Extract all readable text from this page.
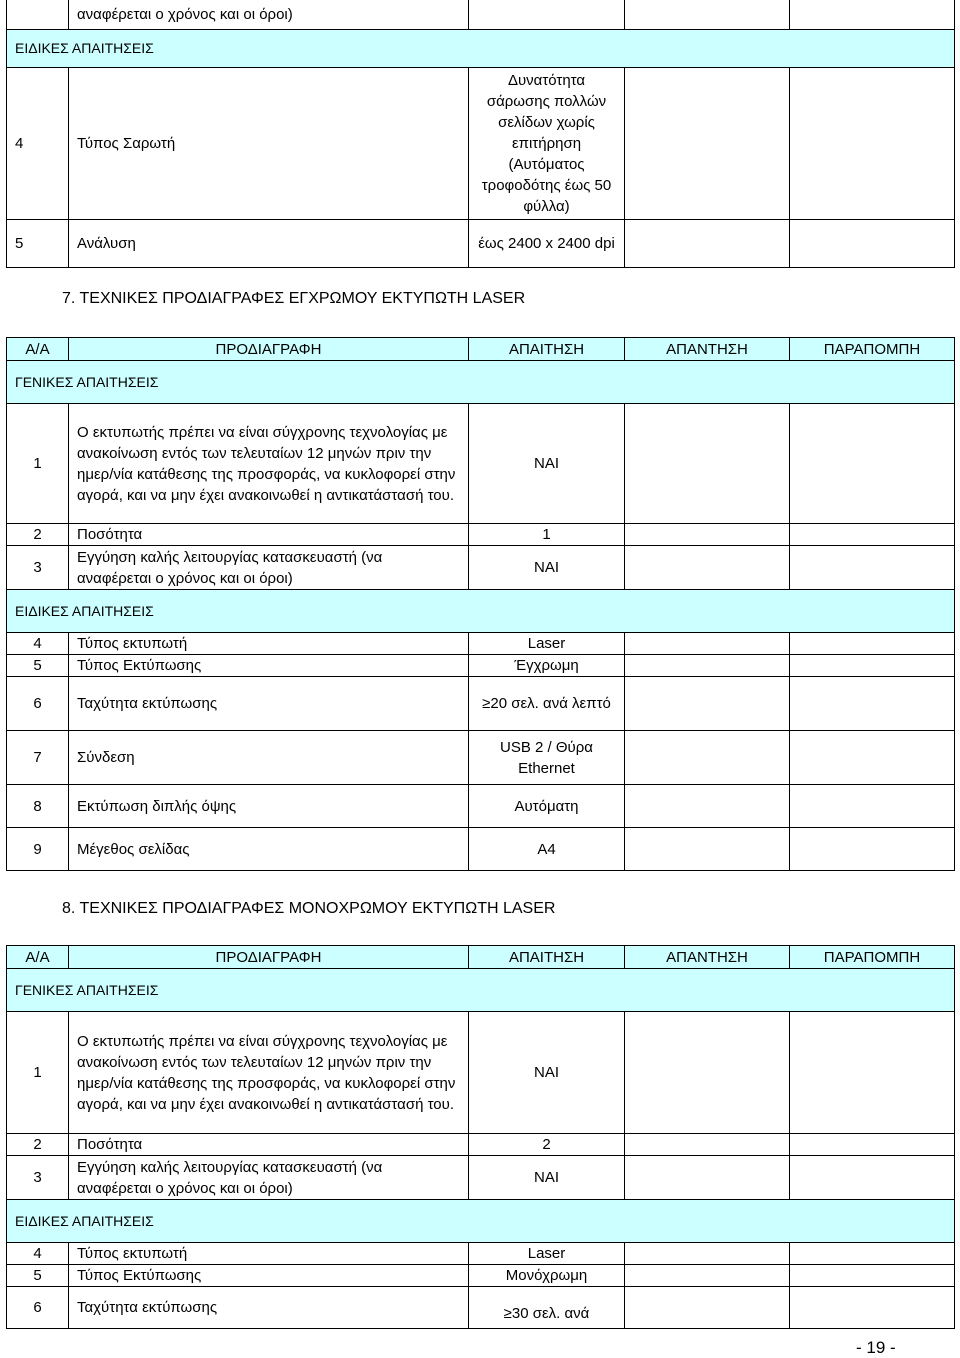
	αναφέρεται ο χρόνος και οι όροι)			
ΕΙΔΙΚΕΣ ΑΠΑΙΤΗΣΕΙΣ				
4	Τύπος Σαρωτή	Δυνατότητα σάρωσης πολλών σελίδων χωρίς επιτήρηση (Αυτόματος τροφοδότης έως 50 φύλλα)		
5	Ανάλυση	έως 2400 x 2400 dpi		
7. ΤΕΧΝΙΚΕΣ ΠΡΟΔΙΑΓΡΑΦΕΣ ΕΓΧΡΩΜΟΥ ΕΚΤΥΠΩΤΗ LASER
Α/Α	ΠΡΟΔΙΑΓΡΑΦΗ	ΑΠΑΙΤΗΣΗ	ΑΠΑΝΤΗΣΗ	ΠΑΡΑΠΟΜΠΗ
ΓΕΝΙΚΕΣ ΑΠΑΙΤΗΣΕΙΣ				
1	Ο εκτυπωτής πρέπει να είναι σύγχρονης τεχνολογίας με ανακοίνωση εντός των τελευταίων 12 μηνών πριν την ημερ/νία κατάθεσης της προσφοράς, να κυκλοφορεί στην αγορά, και να μην έχει ανακοινωθεί η αντικατάστασή του.	ΝΑΙ		
2	Ποσότητα	1		
3	Εγγύηση καλής λειτουργίας κατασκευαστή (να αναφέρεται ο χρόνος και οι όροι)	ΝΑΙ		
ΕΙΔΙΚΕΣ ΑΠΑΙΤΗΣΕΙΣ				
4	Τύπος εκτυπωτή	Laser		
5	Τύπος Εκτύπωσης	Έγχρωμη		
6	Ταχύτητα εκτύπωσης	≥20 σελ. ανά λεπτό		
7	Σύνδεση	USB 2 / Θύρα Ethernet		
8	Εκτύπωση διπλής όψης	Αυτόματη		
9	Μέγεθος σελίδας	Α4		
8. ΤΕΧΝΙΚΕΣ ΠΡΟΔΙΑΓΡΑΦΕΣ ΜΟΝΟΧΡΩΜΟΥ ΕΚΤΥΠΩΤΗ LASER
Α/Α	ΠΡΟΔΙΑΓΡΑΦΗ	ΑΠΑΙΤΗΣΗ	ΑΠΑΝΤΗΣΗ	ΠΑΡΑΠΟΜΠΗ
ΓΕΝΙΚΕΣ ΑΠΑΙΤΗΣΕΙΣ				
1	Ο εκτυπωτής πρέπει να είναι σύγχρονης τεχνολογίας με ανακοίνωση εντός των τελευταίων 12 μηνών πριν την ημερ/νία κατάθεσης της προσφοράς, να κυκλοφορεί στην αγορά, και να μην έχει ανακοινωθεί η αντικατάστασή του.	ΝΑΙ		
2	Ποσότητα	2		
3	Εγγύηση καλής λειτουργίας κατασκευαστή (να αναφέρεται ο χρόνος και οι όροι)	ΝΑΙ		
ΕΙΔΙΚΕΣ ΑΠΑΙΤΗΣΕΙΣ				
4	Τύπος εκτυπωτή	Laser		
5	Τύπος Εκτύπωσης	Μονόχρωμη		
6	Ταχύτητα εκτύπωσης	≥30 σελ. ανά		
- 19 -
